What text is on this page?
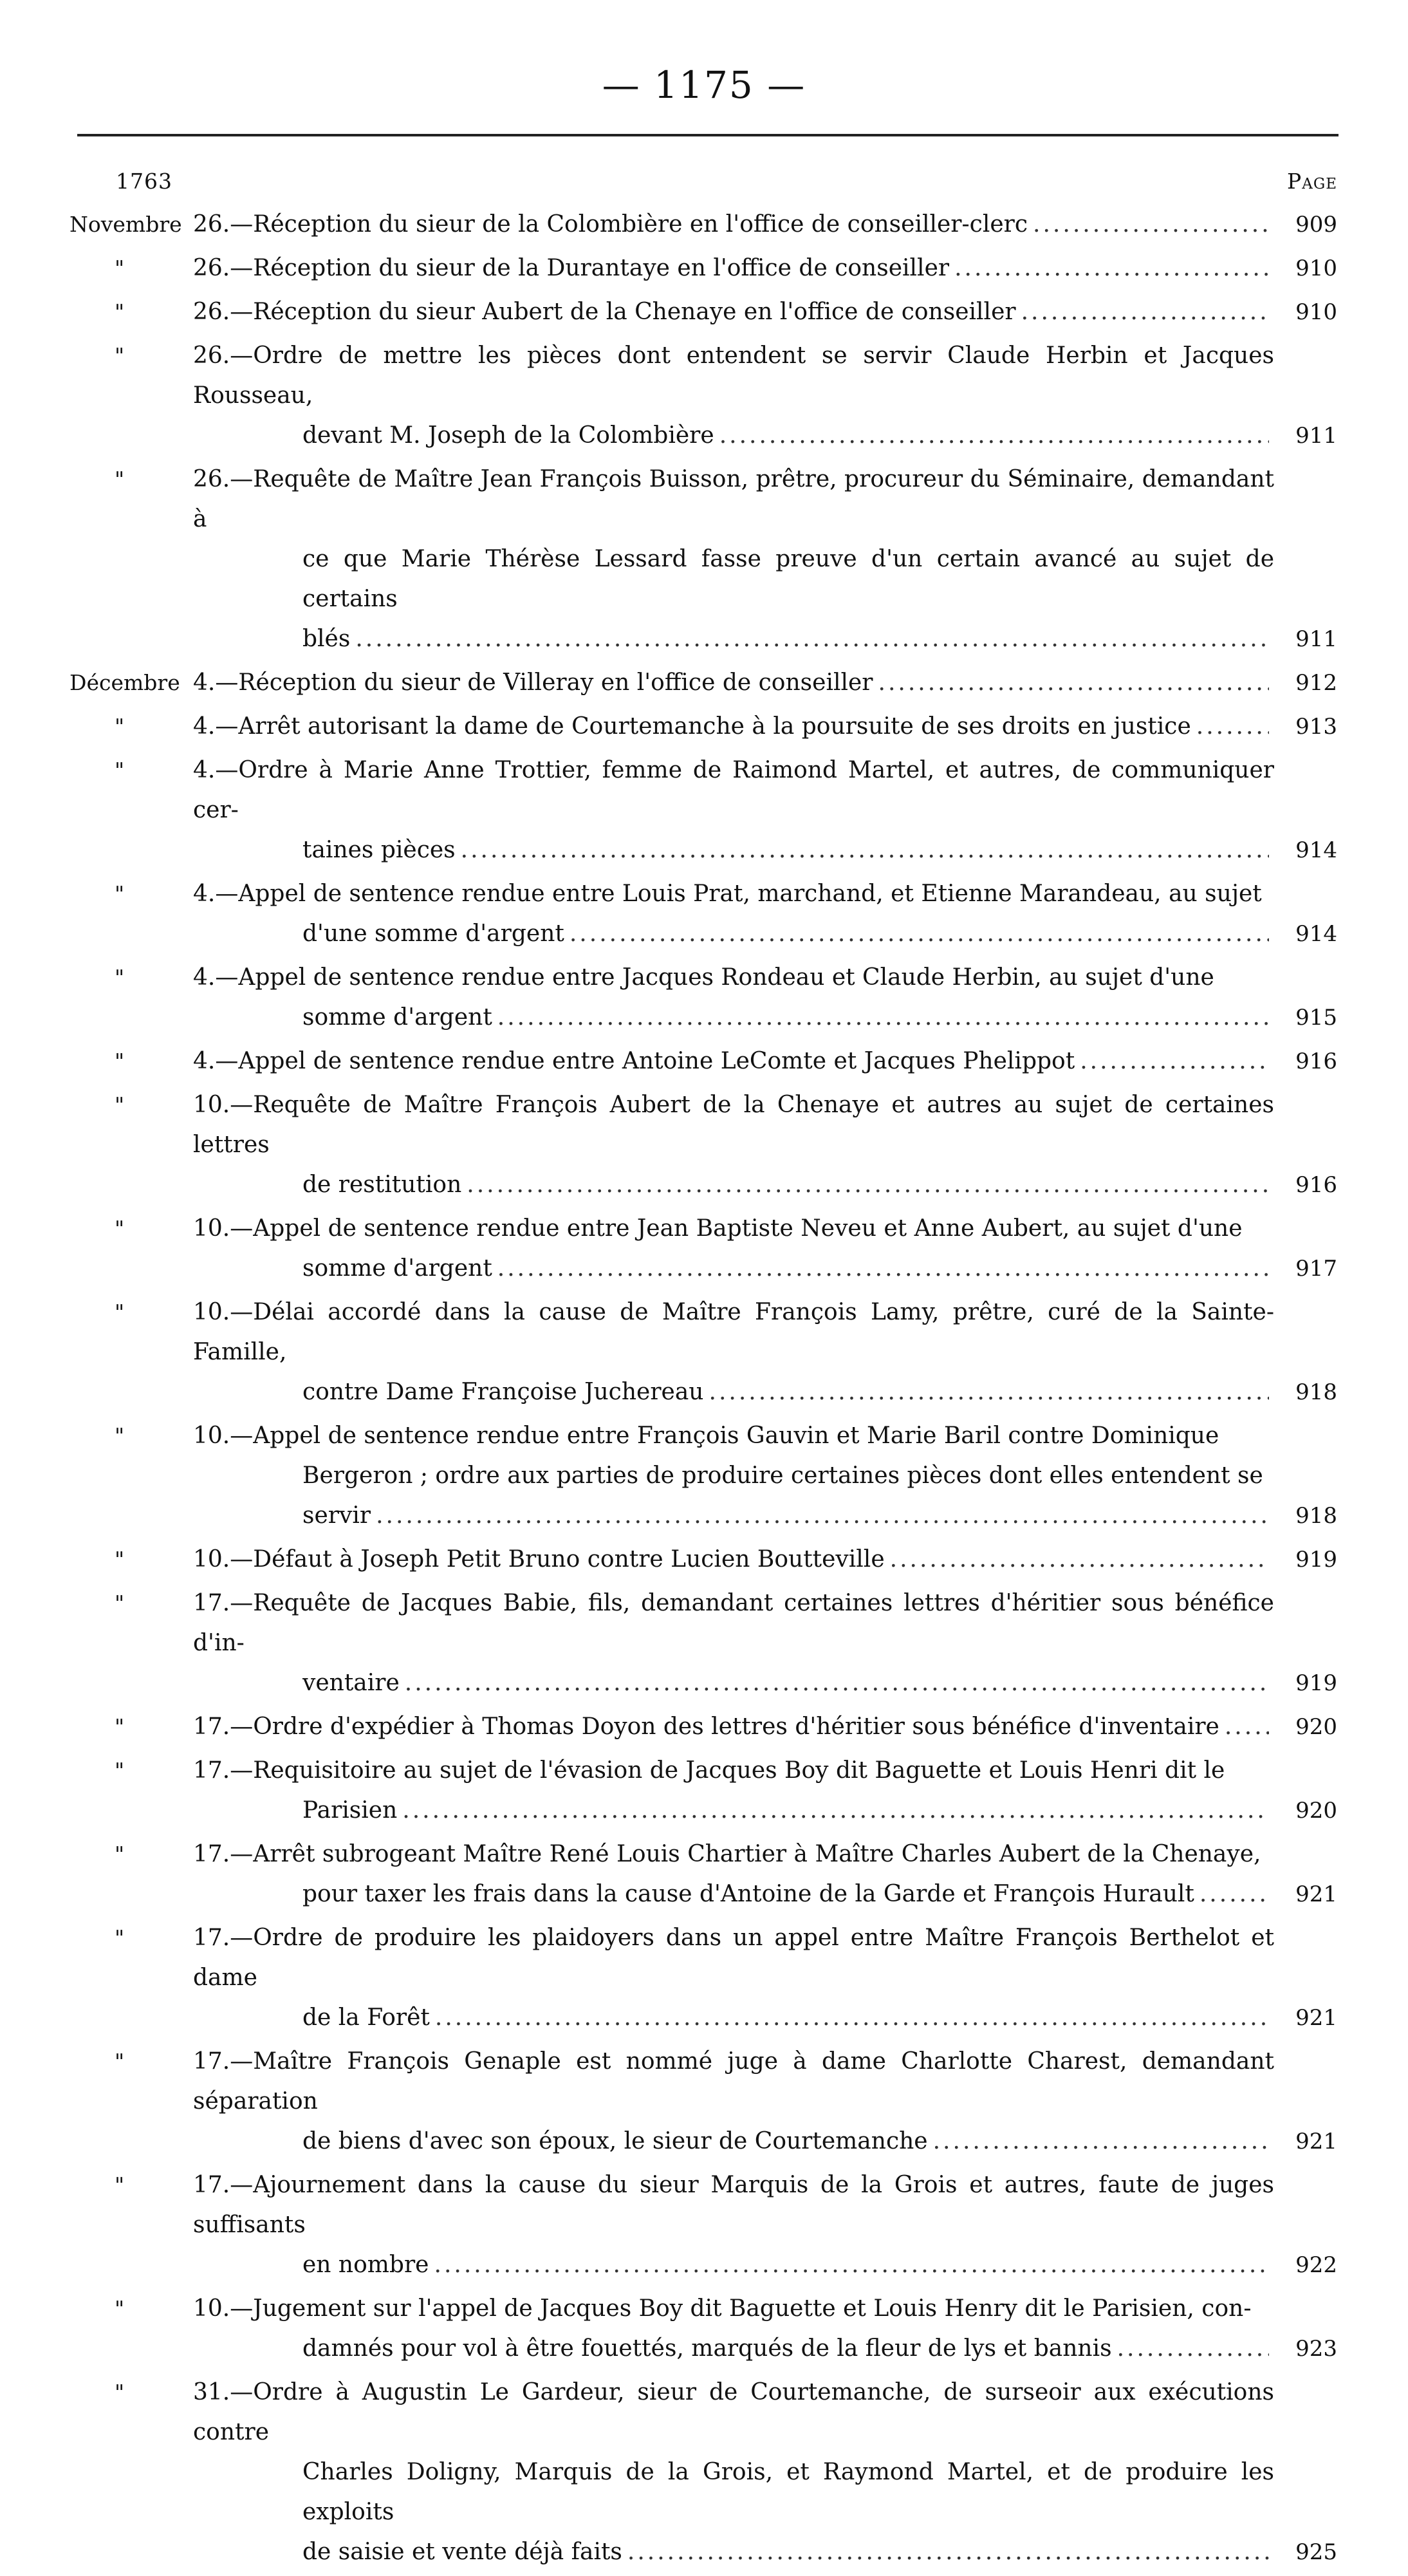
— 1175 —
1763	Page
Novembre 26.—Réception du sieur de la Colombière en l'office de conseiller-clerc .....	909
"	26.—Réception du sieur de la Durantaye en l'office de conseiller .....	910
"	26.—Réception du sieur Aubert de la Chenaye en l'office de conseiller .....	910
"	26.—Ordre de mettre les pièces dont entendent se servir Claude Herbin et Jacques Rousseau,
devant M. Joseph de la Colombière .....	911
"	26.—Requête de Maître Jean François Buisson, prêtre, procureur du Séminaire, demandant à
ce que Marie Thérèse Lessard fasse preuve d'un certain avancé au sujet de certains
blés .....	911
Décembre 4.—Réception du sieur de Villeray en l'office de conseiller .....	912
"	4.—Arrêt autorisant la dame de Courtemanche à la poursuite de ses droits en justice .....	913
"	4.—Ordre à Marie Anne Trottier, femme de Raimond Martel, et autres, de communiquer cer-
taines pièces .....	914
"	4.—Appel de sentence rendue entre Louis Prat, marchand, et Etienne Marandeau, au sujet
d'une somme d'argent .....	914
"	4.—Appel de sentence rendue entre Jacques Rondeau et Claude Herbin, au sujet d'une
somme d'argent .....	915
"	4.—Appel de sentence rendue entre Antoine LeComte et Jacques Phelippot .....	916
"	10.—Requête de Maître François Aubert de la Chenaye et autres au sujet de certaines lettres
de restitution .....	916
"	10.—Appel de sentence rendue entre Jean Baptiste Neveu et Anne Aubert, au sujet d'une
somme d'argent .....	917
"	10.—Délai accordé dans la cause de Maître François Lamy, prêtre, curé de la Sainte-Famille,
contre Dame Françoise Juchereau .....	918
"	10.—Appel de sentence rendue entre François Gauvin et Marie Baril contre Dominique
Bergeron ; ordre aux parties de produire certaines pièces dont elles entendent se
servir .....	918
"	10.—Défaut à Joseph Petit Bruno contre Lucien Boutteville .....	919
"	17.—Requête de Jacques Babie, fils, demandant certaines lettres d'héritier sous bénéfice d'in-
ventaire .....	919
"	17.—Ordre d'expédier à Thomas Doyon des lettres d'héritier sous bénéfice d'inventaire .....	920
"	17.—Requisitoire au sujet de l'évasion de Jacques Boy dit Baguette et Louis Henri dit le
Parisien .....	920
"	17.—Arrêt subrogeant Maître René Louis Chartier à Maître Charles Aubert de la Chenaye,
pour taxer les frais dans la cause d'Antoine de la Garde et François Hurault .....	921
"	17.—Ordre de produire les plaidoyers dans un appel entre Maître François Berthelot et dame
de la Forêt .....	921
"	17.—Maître François Genaple est nommé juge à dame Charlotte Charest, demandant séparation
de biens d'avec son époux, le sieur de Courtemanche .....	921
"	17.—Ajournement dans la cause du sieur Marquis de la Grois et autres, faute de juges suffisants
en nombre .....	922
"	10.—Jugement sur l'appel de Jacques Boy dit Baguette et Louis Henry dit le Parisien, con-
damnés pour vol à être fouettés, marqués de la fleur de lys et bannis .....	923
"	31.—Ordre à Augustin Le Gardeur, sieur de Courtemanche, de surseoir aux exécutions contre
Charles Doligny, Marquis de la Grois, et Raymond Martel, et de produire les exploits
de saisie et vente déjà faits .....	925
